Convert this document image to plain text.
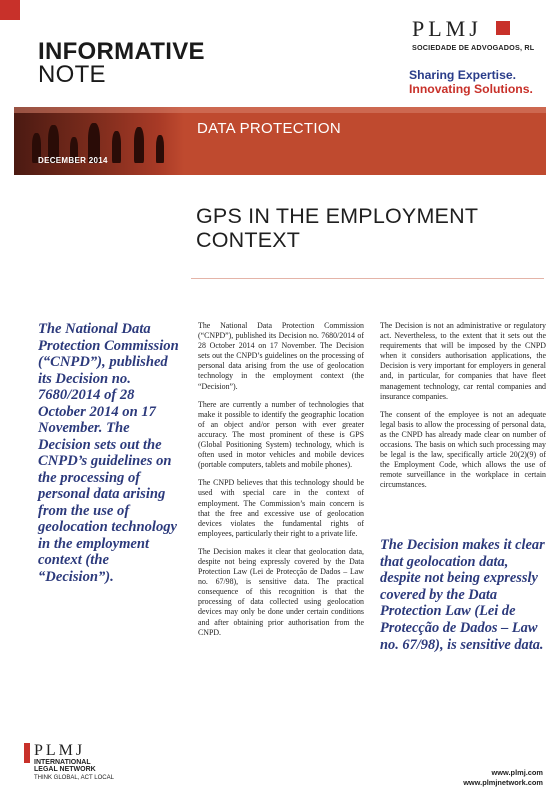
INFORMATIVE
NOTE
PLMJ
SOCIEDADE DE ADVOGADOS, RL
Sharing Expertise.
Innovating Solutions.
DATA PROTECTION
DECEMBER 2014
GPS IN THE EMPLOYMENT
CONTEXT
The National Data Protection Commission (“CNPD”), published its Decision no. 7680/2014 of 28 October 2014 on 17 November. The Decision sets out the CNPD’s guidelines on the processing of personal data arising from the use of geolocation technology in the employment context (the “Decision”).

The National Data Protection Commission (“CNPD”), published its Decision no. 7680/2014 of 28 October 2014 on 17 November. The Decision sets out the CNPD’s guidelines on the processing of personal data arising from the use of geolocation technology in the employment context (the “Decision”).

There are currently a number of technologies that make it possible to identify the geographic location of an object and/or person with ever greater accuracy. The most prominent of these is GPS (Global Positioning System) technology, which is often used in motor vehicles and mobile devices (portable computers, tablets and mobile phones).

The CNPD believes that this technology should be used with special care in the context of employment. The Commission’s main concern is that the free and excessive use of geolocation devices violates the fundamental rights of employees, particularly their right to a private life.

The Decision makes it clear that geolocation data, despite not being expressly covered by the Data Protection Law (Lei de Protecção de Dados – Law no. 67/98), is sensitive data. The practical consequence of this recognition is that the processing of data collected using geolocation devices may only be done under certain conditions and after obtaining prior authorisation from the CNPD.

The Decision is not an administrative or regulatory act. Nevertheless, to the extent that it sets out the requirements that will be imposed by the CNPD when it considers authorisation applications, the Decision is very important for employers in general and, in particular, for companies that have fleet management technology, car rental companies and insurance companies.

The consent of the employee is not an adequate legal basis to allow the processing of personal data, as the CNPD has already made clear on number of occasions. The basis on which such processing may be legal is the law, specifically article 20(2)(9) of the Employment Code, which allows the use of remote surveillance in the workplace in certain circumstances.

The Decision makes it clear that geolocation data, despite not being expressly covered by the Data Protection Law (Lei de Protecção de Dados – Law no. 67/98), is sensitive data.
PLMJ
INTERNATIONAL
LEGAL NETWORK
THINK GLOBAL, ACT LOCAL
www.plmj.com
www.plmjnetwork.com
